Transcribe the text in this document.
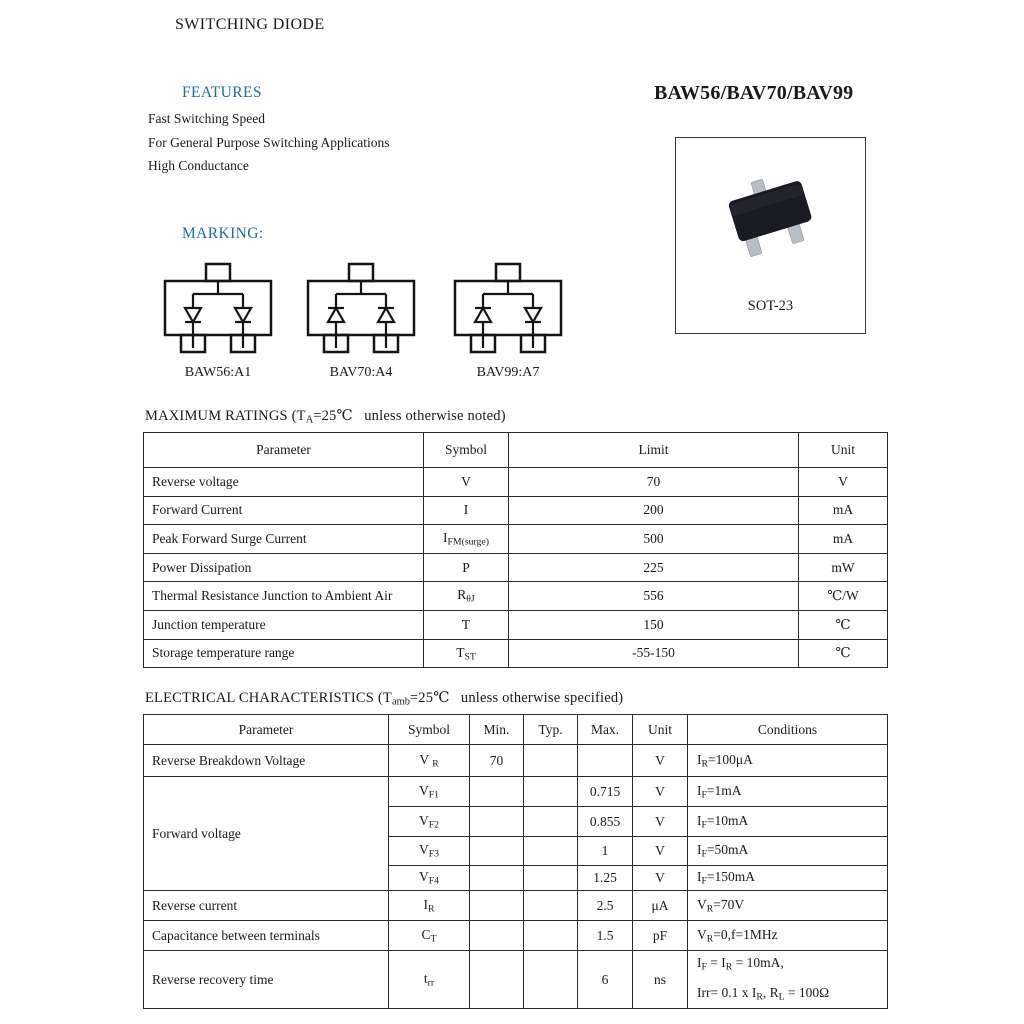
SWITCHING DIODE
FEATURES
Fast Switching Speed
For General Purpose Switching Applications
High Conductance
BAW56/BAV70/BAV99
SOT-23
MARKING:
BAW56:A1	BAV70:A4	BAV99:A7
MAXIMUM RATINGS ($T_A=25℃$  unless otherwise noted)
Parameter	Symbol	Limit	Unit
Reverse voltage	V	70	V
Forward Current	I	200	mA
Peak Forward Surge Current	$I_{FM(surge)}$	500	mA
Power Dissipation	P	225	mW
Thermal Resistance Junction to Ambient Air	$R_{\theta J}$	556	℃/W
Junction temperature	T	150	℃
Storage temperature range	$T_{ST}$	-55-150	℃
ELECTRICAL CHARACTERISTICS ($T_{amb}=25℃$  unless otherwise specified)
Parameter	Symbol	Min.	Typ.	Max.	Unit	Conditions
Reverse Breakdown Voltage	V $_R$	70			V	$I_R=100\mu A$
Forward voltage	$V_{F1}$			0.715	V	$I_F=1mA$
	$V_{F2}$			0.855	V	$I_F=10mA$
	$V_{F3}$			1	V	$I_F=50mA$
	$V_{F4}$			1.25	V	$I_F=150mA$
Reverse current	$I_R$			2.5	μA	$V_R=70V$
Capacitance between terminals	$C_T$			1.5	pF	$V_R=0,f=1MHz$
Reverse recovery time	$t_{rr}$			6	ns	$I_F = I_R = 10mA$,
Irr= 0.1 x $I_R$, $R_L = 100\Omega$
